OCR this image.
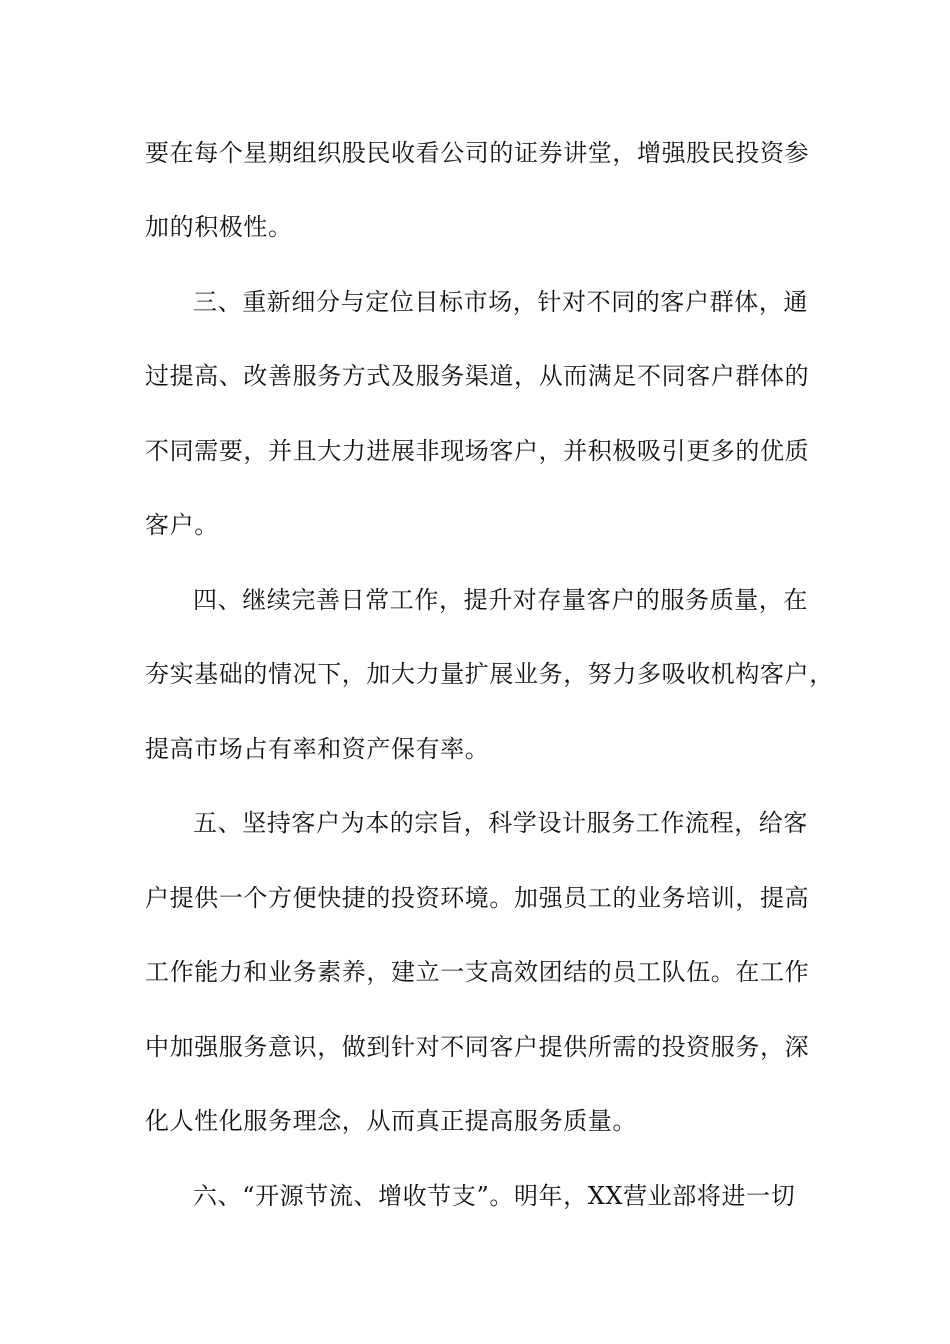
要在每个星期组织股民收看公司的证券讲堂，增强股民投资参
加的积极性。
三、重新细分与定位目标市场，针对不同的客户群体，通
过提高、改善服务方式及服务渠道，从而满足不同客户群体的
不同需要，并且大力进展非现场客户，并积极吸引更多的优质
客户。
四、继续完善日常工作，提升对存量客户的服务质量，在
夯实基础的情况下，加大力量扩展业务，努力多吸收机构客户，
提高市场占有率和资产保有率。
五、坚持客户为本的宗旨，科学设计服务工作流程，给客
户提供一个方便快捷的投资环境。加强员工的业务培训，提高
工作能力和业务素养，建立一支高效团结的员工队伍。在工作
中加强服务意识，做到针对不同客户提供所需的投资服务，深
化人性化服务理念，从而真正提高服务质量。
六、“开源节流、增收节支”。明年，XX营业部将进一切
